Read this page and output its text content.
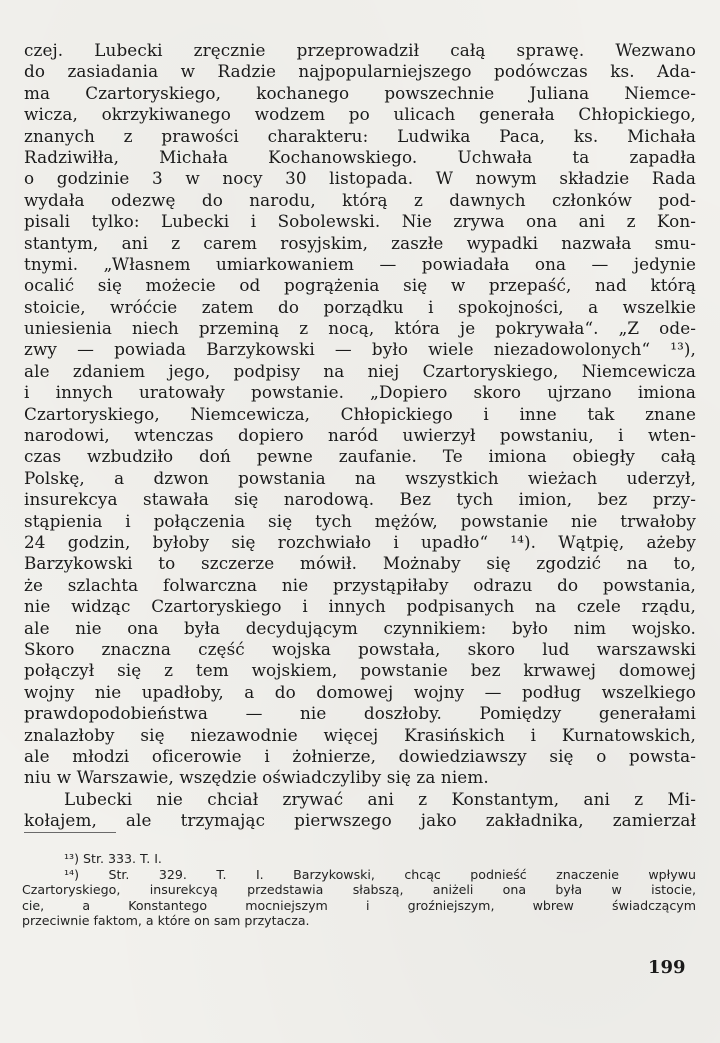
czej. Lubecki zręcznie przeprowadził całą sprawę. Wezwano
do zasiadania w Radzie najpopularniejszego podówczas ks. Ada-
ma Czartoryskiego, kochanego powszechnie Juliana Niemce-
wicza, okrzykiwanego wodzem po ulicach generała Chłopickiego,
znanych z prawości charakteru: Ludwika Paca, ks. Michała
Radziwiłła, Michała Kochanowskiego. Uchwała ta zapadła
o godzinie 3 w nocy 30 listopada. W nowym składzie Rada
wydała odezwę do narodu, którą z dawnych członków pod-
pisali tylko: Lubecki i Sobolewski. Nie zrywa ona ani z Kon-
stantym, ani z carem rosyjskim, zaszłe wypadki nazwała smu-
tnymi. „Własnem umiarkowaniem — powiadała ona — jedynie
ocalić się możecie od pogrążenia się w przepaść, nad którą
stoicie, wróćcie zatem do porządku i spokojności, a wszelkie
uniesienia niech przeminą z nocą, która je pokrywała“. „Z ode-
zwy — powiada Barzykowski — było wiele niezadowolonych“ ¹³),
ale zdaniem jego, podpisy na niej Czartoryskiego, Niemcewicza
i innych uratowały powstanie. „Dopiero skoro ujrzano imiona
Czartoryskiego, Niemcewicza, Chłopickiego i inne tak znane
narodowi, wtenczas dopiero naród uwierzył powstaniu, i wten-
czas wzbudziło doń pewne zaufanie. Te imiona obiegły całą
Polskę, a dzwon powstania na wszystkich wieżach uderzył,
insurekcya stawała się narodową. Bez tych imion, bez przy-
stąpienia i połączenia się tych mężów, powstanie nie trwałoby
24 godzin, byłoby się rozchwiało i upadło“ ¹⁴). Wątpię, ażeby
Barzykowski to szczerze mówił. Możnaby się zgodzić na to,
że szlachta folwarczna nie przystąpiłaby odrazu do powstania,
nie widząc Czartoryskiego i innych podpisanych na czele rządu,
ale nie ona była decydującym czynnikiem: było nim wojsko.
Skoro znaczna część wojska powstała, skoro lud warszawski
połączył się z tem wojskiem, powstanie bez krwawej domowej
wojny nie upadłoby, a do domowej wojny — podług wszelkiego
prawdopodobieństwa — nie doszłoby. Pomiędzy generałami
znalazłoby się niezawodnie więcej Krasińskich i Kurnatowskich,
ale młodzi oficerowie i żołnierze, dowiedziawszy się o powsta-
niu w Warszawie, wszędzie oświadczyliby się za niem.
Lubecki nie chciał zrywać ani z Konstantym, ani z Mi-
kołajem, ale trzymając pierwszego jako zakładnika, zamierzał
¹³) Str. 333. T. I.
¹⁴) Str. 329. T. I. Barzykowski, chcąc podnieść znaczenie wpływu
Czartoryskiego, insurekcyą przedstawia słabszą, aniżeli ona była w istocie,
cie, a Konstantego mocniejszym i groźniejszym, wbrew świadczącym
przeciwnie faktom, a które on sam przytacza.
199
